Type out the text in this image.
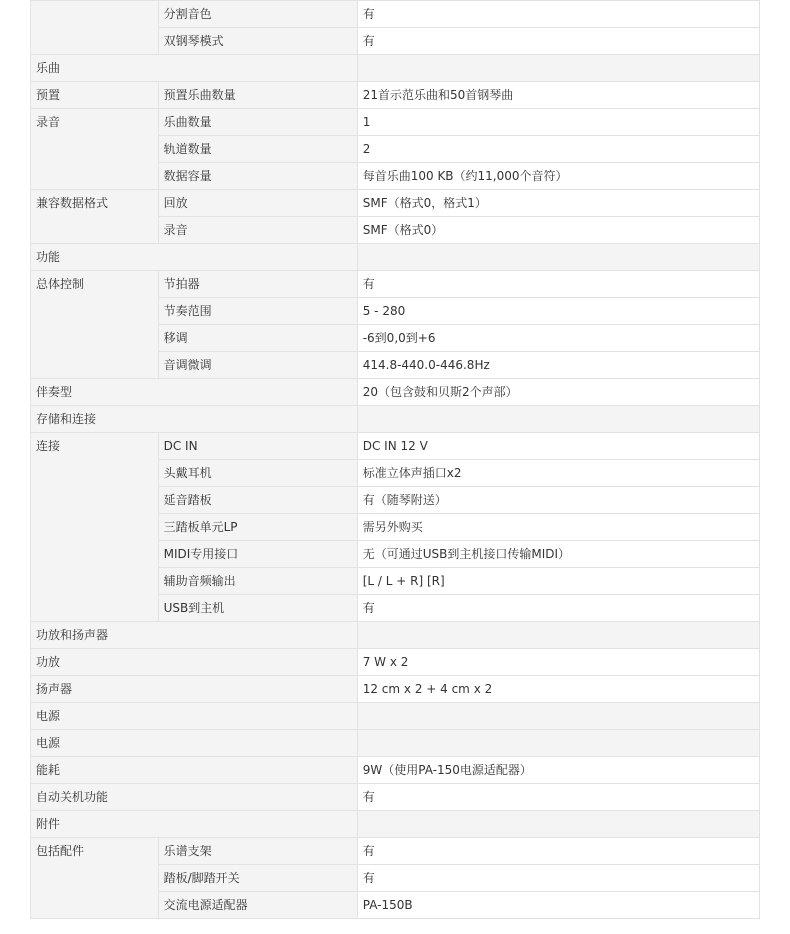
	分割音色	有
	双钢琴模式	有
乐曲		
预置	预置乐曲数量	21首示范乐曲和50首钢琴曲
录音	乐曲数量	1
	轨道数量	2
	数据容量	每首乐曲100 KB（约11,000个音符）
兼容数据格式	回放	SMF（格式0，格式1）
	录音	SMF（格式0）
功能		
总体控制	节拍器	有
	节奏范围	5 - 280
	移调	-6到0,0到+6
	音调微调	414.8-440.0-446.8Hz
伴奏型		20（包含鼓和贝斯2个声部）
存储和连接		
连接	DC IN	DC IN 12 V
	头戴耳机	标准立体声插口x2
	延音踏板	有（随琴附送）
	三踏板单元LP	需另外购买
	MIDI专用接口	无（可通过USB到主机接口传输MIDI）
	辅助音频输出	[L / L + R] [R]
	USB到主机	有
功放和扬声器		
功放		7 W x 2
扬声器		12 cm x 2 + 4 cm x 2
电源		
电源		
能耗		9W（使用PA-150电源适配器）
自动关机功能		有
附件		
包括配件	乐谱支架	有
	踏板/脚踏开关	有
	交流电源适配器	PA-150B
